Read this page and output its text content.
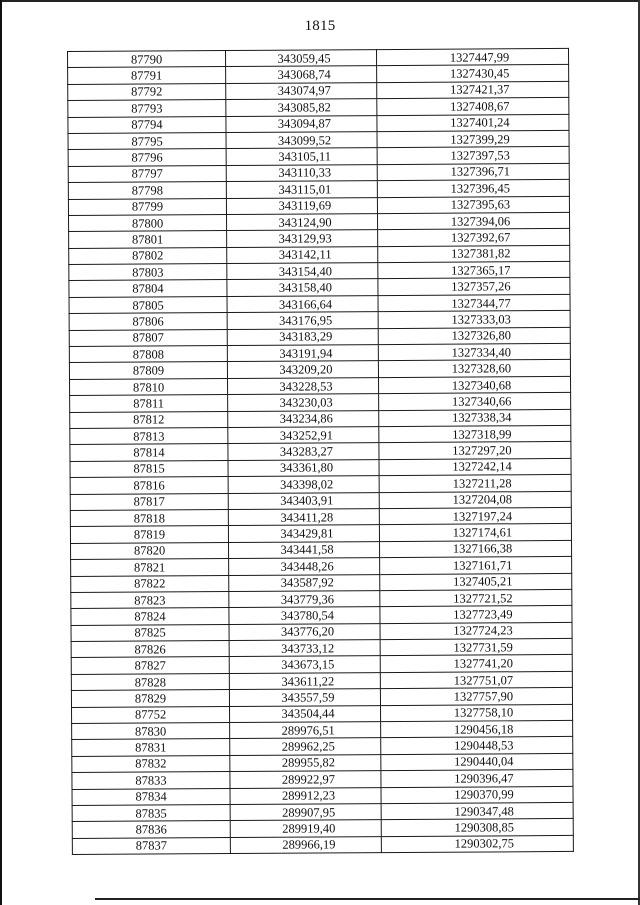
1815
87790	343059,45	1327447,99
87791	343068,74	1327430,45
87792	343074,97	1327421,37
87793	343085,82	1327408,67
87794	343094,87	1327401,24
87795	343099,52	1327399,29
87796	343105,11	1327397,53
87797	343110,33	1327396,71
87798	343115,01	1327396,45
87799	343119,69	1327395,63
87800	343124,90	1327394,06
87801	343129,93	1327392,67
87802	343142,11	1327381,82
87803	343154,40	1327365,17
87804	343158,40	1327357,26
87805	343166,64	1327344,77
87806	343176,95	1327333,03
87807	343183,29	1327326,80
87808	343191,94	1327334,40
87809	343209,20	1327328,60
87810	343228,53	1327340,68
87811	343230,03	1327340,66
87812	343234,86	1327338,34
87813	343252,91	1327318,99
87814	343283,27	1327297,20
87815	343361,80	1327242,14
87816	343398,02	1327211,28
87817	343403,91	1327204,08
87818	343411,28	1327197,24
87819	343429,81	1327174,61
87820	343441,58	1327166,38
87821	343448,26	1327161,71
87822	343587,92	1327405,21
87823	343779,36	1327721,52
87824	343780,54	1327723,49
87825	343776,20	1327724,23
87826	343733,12	1327731,59
87827	343673,15	1327741,20
87828	343611,22	1327751,07
87829	343557,59	1327757,90
87752	343504,44	1327758,10
87830	289976,51	1290456,18
87831	289962,25	1290448,53
87832	289955,82	1290440,04
87833	289922,97	1290396,47
87834	289912,23	1290370,99
87835	289907,95	1290347,48
87836	289919,40	1290308,85
87837	289966,19	1290302,75
